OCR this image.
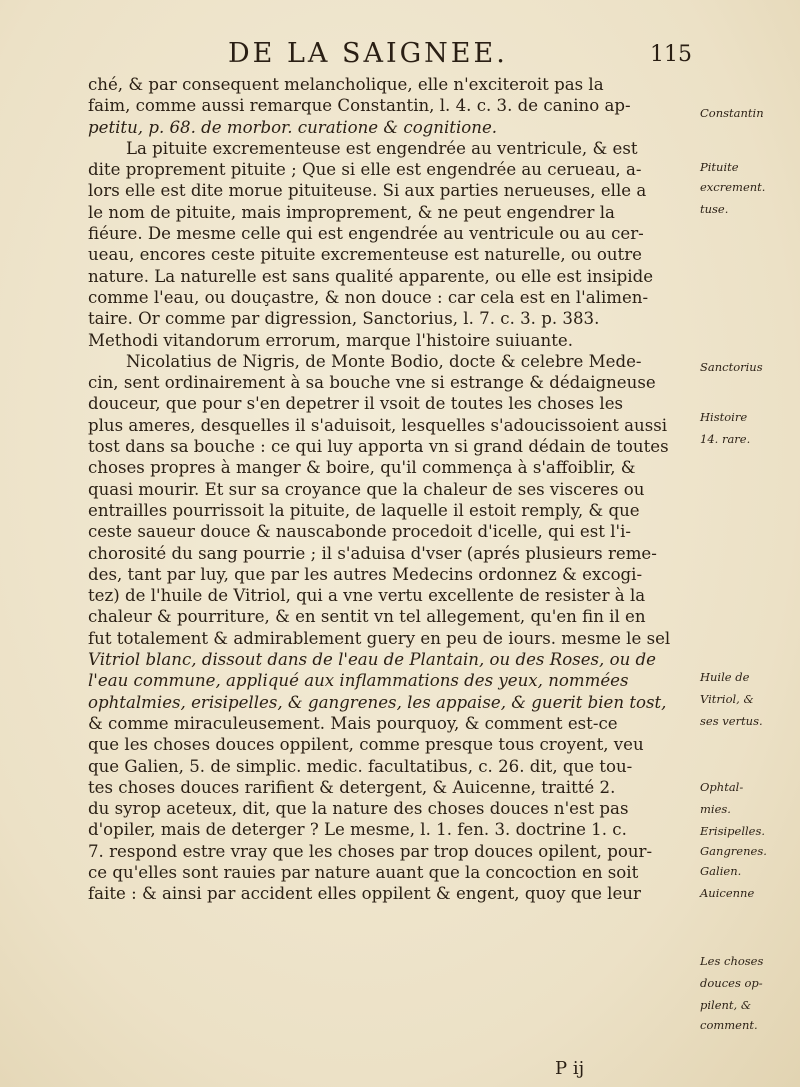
DE LA SAIGNEE.	115
ché, & par consequent melancholique, elle n'exciteroit pas la
faim, comme aussi remarque Constantin, l. 4. c. 3. de canino ap-
petitu, p. 68. de morbor. curatione & cognitione.
La pituite excrementeuse est engendrée au ventricule, & est
dite proprement pituite ; Que si elle est engendrée au cerueau, a-
lors elle est dite morue pituiteuse. Si aux parties nerueuses, elle a
le nom de pituite, mais improprement, & ne peut engendrer la
fiéure. De mesme celle qui est engendrée au ventricule ou au cer-
ueau, encores ceste pituite excrementeuse est naturelle, ou outre
nature. La naturelle est sans qualité apparente, ou elle est insipide
comme l'eau, ou douçastre, & non douce : car cela est en l'alimen-
taire. Or comme par digression, Sanctorius, l. 7. c. 3. p. 383.
Methodi vitandorum errorum, marque l'histoire suiuante.
Nicolatius de Nigris, de Monte Bodio, docte & celebre Mede-
cin, sent ordinairement à sa bouche vne si estrange & dédaigneuse
douceur, que pour s'en depetrer il vsoit de toutes les choses les
plus ameres, desquelles il s'aduisoit, lesquelles s'adoucissoient aussi
tost dans sa bouche : ce qui luy apporta vn si grand dédain de toutes
choses propres à manger & boire, qu'il commença à s'affoiblir, &
quasi mourir. Et sur sa croyance que la chaleur de ses visceres ou
entrailles pourrissoit la pituite, de laquelle il estoit remply, & que
ceste saueur douce & nauscabonde procedoit d'icelle, qui est l'i-
chorosité du sang pourrie ; il s'aduisa d'vser (aprés plusieurs reme-
des, tant par luy, que par les autres Medecins ordonnez & excogi-
tez) de l'huile de Vitriol, qui a vne vertu excellente de resister à la
chaleur & pourriture, & en sentit vn tel allegement, qu'en fin il en
fut totalement & admirablement guery en peu de iours. mesme le sel
Vitriol blanc, dissout dans de l'eau de Plantain, ou des Roses, ou de
l'eau commune, appliqué aux inflammations des yeux, nommées
ophtalmies, erisipelles, & gangrenes, les appaise, & guerit bien tost,
& comme miraculeusement. Mais pourquoy, & comment est-ce
que les choses douces oppilent, comme presque tous croyent, veu
que Galien, 5. de simplic. medic. facultatibus, c. 26. dit, que tou-
tes choses douces rarifient & detergent, & Auicenne, traitté 2.
du syrop aceteux, dit, que la nature des choses douces n'est pas
d'opiler, mais de deterger ? Le mesme, l. 1. fen. 3. doctrine 1. c.
7. respond estre vray que les choses par trop douces opilent, pour-
ce qu'elles sont rauies par nature auant que la concoction en soit
faite : & ainsi par accident elles oppilent & engent, quoy que leur
Constantin
Pituite
excrement.
tuse.
Sanctorius
Histoire
14. rare.
Huile de
Vitriol, &
ses vertus.
Ophtal-
mies.
Erisipelles.
Gangrenes.
Galien.
Auicenne
Les choses
douces op-
pilent, &
comment.
P ij
